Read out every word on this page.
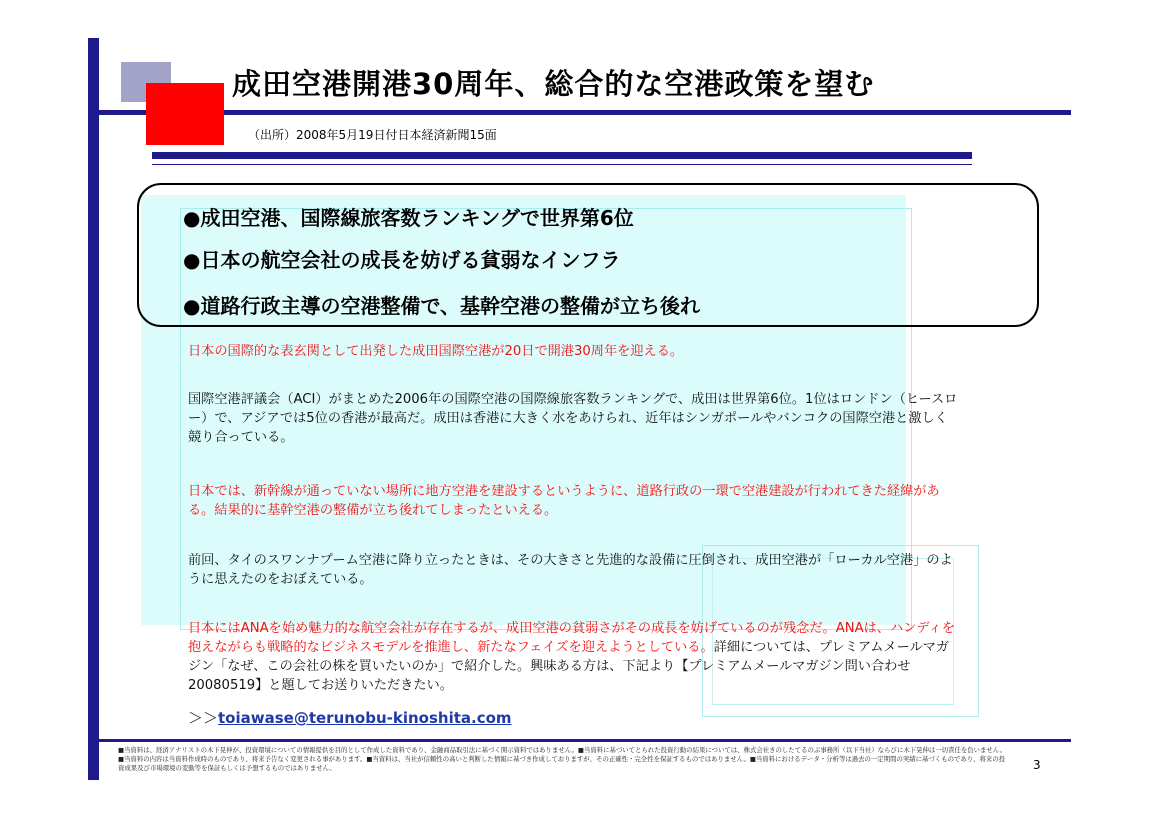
成田空港開港30周年、総合的な空港政策を望む
（出所）2008年5月19日付日本経済新聞15面
●成田空港、国際線旅客数ランキングで世界第6位
●日本の航空会社の成長を妨げる貧弱なインフラ
●道路行政主導の空港整備で、基幹空港の整備が立ち後れ
日本の国際的な表玄関として出発した成田国際空港が20日で開港30周年を迎える。
国際空港評議会（ACI）がまとめた2006年の国際空港の国際線旅客数ランキングで、成田は世界第6位。1位はロンドン（ヒースロー）で、アジアでは5位の香港が最高だ。成田は香港に大きく水をあけられ、近年はシンガポールやバンコクの国際空港と激しく競り合っている。
日本では、新幹線が通っていない場所に地方空港を建設するというように、道路行政の一環で空港建設が行われてきた経緯がある。結果的に基幹空港の整備が立ち後れてしまったといえる。
前回、タイのスワンナプーム空港に降り立ったときは、その大きさと先進的な設備に圧倒され、成田空港が「ローカル空港」のように思えたのをおぼえている。
日本にはANAを始め魅力的な航空会社が存在するが、成田空港の貧弱さがその成長を妨げているのが残念だ。ANAは、ハンディを抱えながらも戦略的なビジネスモデルを推進し、新たなフェイズを迎えようとしている。詳細については、プレミアムメールマガジン「なぜ、この会社の株を買いたいのか」で紹介した。興味ある方は、下記より【プレミアムメールマガジン問い合わせ20080519】と題してお送りいただきたい。
＞＞toiawase@terunobu-kinoshita.com
■当資料は、経済アナリストの木下晃伸が、投資環境についての情報提供を目的として作成した資料であり、金融商品取引法に基づく開示資料ではありません。■当資料に基づいてとられた投資行動の結果については、株式会社きのしたてるのぶ事務所（以下当社）ならびに木下晃伸は一切責任を負いません。■当資料の内容は当資料作成時のものであり、将来予告なく変更される事があります。■当資料は、当社が信頼性の高いと判断した情報に基づき作成しておりますが、その正確性・完全性を保証するものではありません。■当資料におけるデータ・分析等は過去の一定期間の実績に基づくものであり、将来の投資成果及び市場環境の変動等を保証もしくは予想するものではありません。	3
